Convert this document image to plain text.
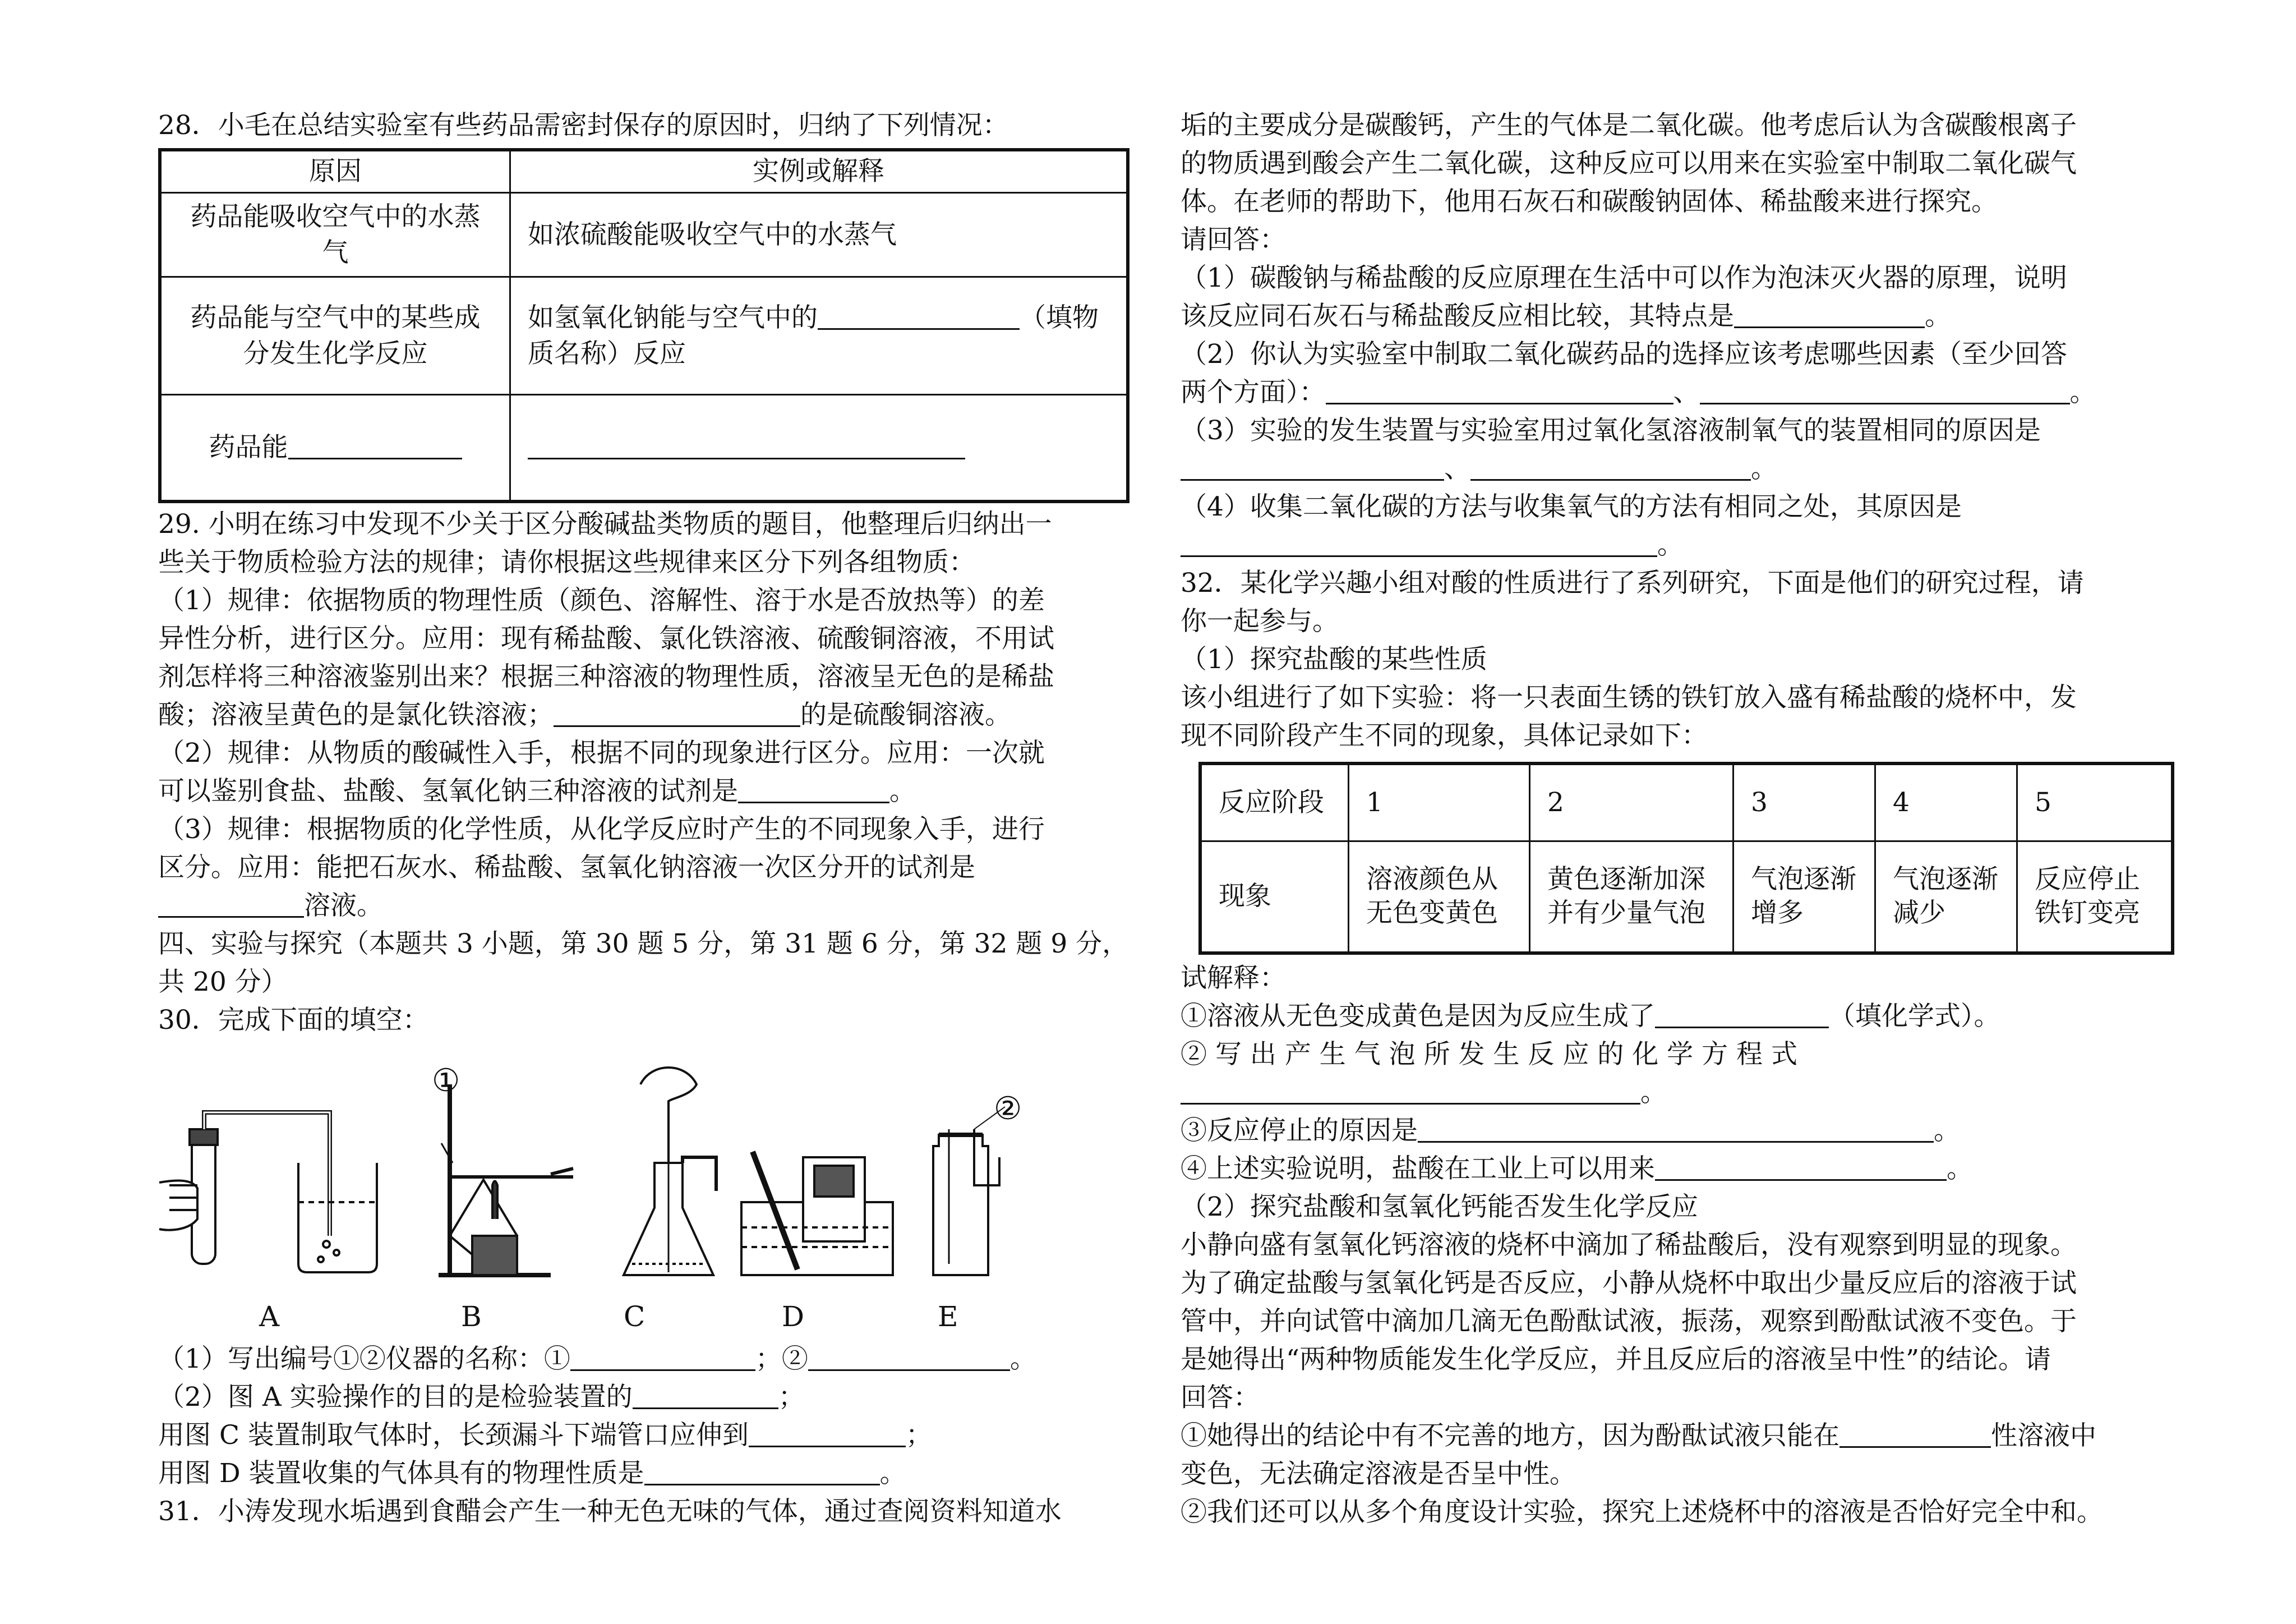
28．小毛在总结实验室有些药品需密封保存的原因时，归纳了下列情况：
原因	实例或解释
药品能吸收空气中的水蒸气	如浓硫酸能吸收空气中的水蒸气
药品能与空气中的某些成分发生化学反应	如氢氧化钠能与空气中的 （填物质名称）反应
药品能	
29. 小明在练习中发现不少关于区分酸碱盐类物质的题目，他整理后归纳出一
些关于物质检验方法的规律；请你根据这些规律来区分下列各组物质：
（1）规律：依据物质的物理性质（颜色、溶解性、溶于水是否放热等）的差
异性分析，进行区分。应用：现有稀盐酸、氯化铁溶液、硫酸铜溶液，不用试
剂怎样将三种溶液鉴别出来？根据三种溶液的物理性质，溶液呈无色的是稀盐
酸；溶液呈黄色的是氯化铁溶液；	的是硫酸铜溶液。
（2）规律：从物质的酸碱性入手，根据不同的现象进行区分。应用：一次就
可以鉴别食盐、盐酸、氢氧化钠三种溶液的试剂是	。
（3）规律：根据物质的化学性质，从化学反应时产生的不同现象入手，进行
区分。应用：能把石灰水、稀盐酸、氢氧化钠溶液一次区分开的试剂是
溶液。
四、实验与探究（本题共 3 小题，第 30 题 5 分，第 31 题 6 分，第 32 题 9 分，
共 20 分）
30．完成下面的填空：
A	B	C	D	E
①
②
（1）写出编号①②仪器的名称：①	；②	。
（2）图 A 实验操作的目的是检验装置的	；
用图 C 装置制取气体时，长颈漏斗下端管口应伸到	；
用图 D 装置收集的气体具有的物理性质是	。
31．小涛发现水垢遇到食醋会产生一种无色无味的气体，通过查阅资料知道水
垢的主要成分是碳酸钙，产生的气体是二氧化碳。他考虑后认为含碳酸根离子
的物质遇到酸会产生二氧化碳，这种反应可以用来在实验室中制取二氧化碳气
体。在老师的帮助下，他用石灰石和碳酸钠固体、稀盐酸来进行探究。
请回答：
（1）碳酸钠与稀盐酸的反应原理在生活中可以作为泡沫灭火器的原理，说明
该反应同石灰石与稀盐酸反应相比较，其特点是	。
（2）你认为实验室中制取二氧化碳药品的选择应该考虑哪些因素（至少回答
两个方面）：	、	。
（3）实验的发生装置与实验室用过氧化氢溶液制氧气的装置相同的原因是
、	。
（4）收集二氧化碳的方法与收集氧气的方法有相同之处，其原因是
。
32．某化学兴趣小组对酸的性质进行了系列研究，下面是他们的研究过程，请
你一起参与。
（1）探究盐酸的某些性质
该小组进行了如下实验：将一只表面生锈的铁钉放入盛有稀盐酸的烧杯中，发
现不同阶段产生不同的现象，具体记录如下：
反应阶段	1	2	3	4	5
现象	溶液颜色从无色变黄色	黄色逐渐加深并有少量气泡	气泡逐渐增多	气泡逐渐减少	反应停止铁钉变亮
试解释：
①溶液从无色变成黄色是因为反应生成了	（填化学式）。
② 写 出 产 生 气 泡 所 发 生 反 应 的 化 学 方 程 式
。
③反应停止的原因是	。
④上述实验说明，盐酸在工业上可以用来	。
（2）探究盐酸和氢氧化钙能否发生化学反应
小静向盛有氢氧化钙溶液的烧杯中滴加了稀盐酸后，没有观察到明显的现象。
为了确定盐酸与氢氧化钙是否反应，小静从烧杯中取出少量反应后的溶液于试
管中，并向试管中滴加几滴无色酚酞试液，振荡，观察到酚酞试液不变色。于
是她得出“两种物质能发生化学反应，并且反应后的溶液呈中性”的结论。请
回答：
①她得出的结论中有不完善的地方，因为酚酞试液只能在	性溶液中
变色，无法确定溶液是否呈中性。
②我们还可以从多个角度设计实验，探究上述烧杯中的溶液是否恰好完全中和。
